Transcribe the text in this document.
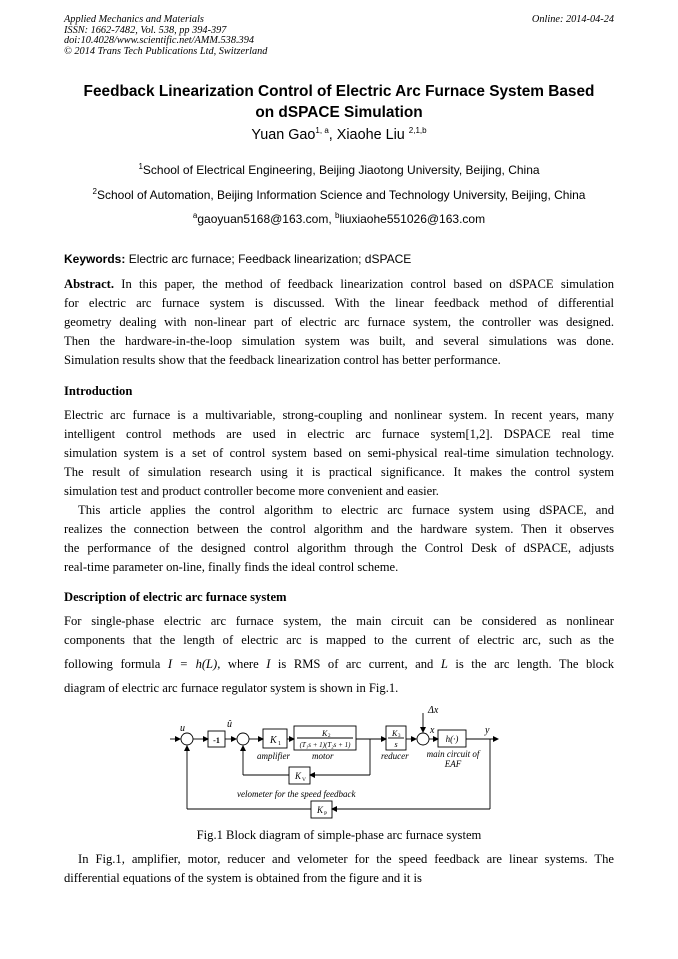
Applied Mechanics and Materials
ISSN: 1662-7482, Vol. 538, pp 394-397
doi:10.4028/www.scientific.net/AMM.538.394
© 2014 Trans Tech Publications Ltd, Switzerland
Online: 2014-04-24
Feedback Linearization Control of Electric Arc Furnace System Based
on dSPACE Simulation
Yuan Gao$^{1, a}$, Xiaohe Liu $^{2,1,b}$
$^1$School of Electrical Engineering, Beijing Jiaotong University, Beijing, China
$^2$School of Automation, Beijing Information Science and Technology University, Beijing, China
$^a$gaoyuan5168@163.com, $^b$liuxiaohe551026@163.com
Keywords: Electric arc furnace; Feedback linearization; dSPACE
Abstract. In this paper, the method of feedback linearization control based on dSPACE simulation
for electric arc furnace system is discussed. With the linear feedback method of differential
geometry dealing with non-linear part of electric arc furnace system, the controller was designed.
Then the hardware-in-the-loop simulation system was built, and several simulations was done.
Simulation results show that the feedback linearization control has better performance.
Introduction
Electric arc furnace is a multivariable, strong-coupling and nonlinear system. In recent years, many
intelligent control methods are used in electric arc furnace system[1,2]. DSPACE real time
simulation system is a set of control system based on semi-physical real-time simulation technology.
The result of simulation research using it is practical significance. It makes the control system
simulation test and product controller become more convenient and easier.
This article applies the control algorithm to electric arc furnace system using dSPACE, and
realizes the connection between the control algorithm and the hardware system. Then it observes
the performance of the designed control algorithm through the Control Desk of dSPACE, adjusts
real-time parameter on-line, finally finds the ideal control scheme.
Description of electric arc furnace system
For single-phase electric arc furnace system, the main circuit can be considered as nonlinear
components that the length of electric arc is mapped to the current of electric arc, such as the
following formula I = h(L), where I is RMS of arc current, and L is the arc length. The block
diagram of electric arc furnace regulator system is shown in Fig.1.
u	û
Δx
x	y
-1	K 1
K 2
(T₁s + 1)(T₂s + 1)
K 3
s
h(·)
K V
K P
amplifier motor	reducer main circuit of
EAF
velometer for the speed feedback
Fig.1 Block diagram of simple-phase arc furnace system
In Fig.1, amplifier, motor, reducer and velometer for the speed feedback are linear systems. The
differential equations of the system is obtained from the figure and it is
